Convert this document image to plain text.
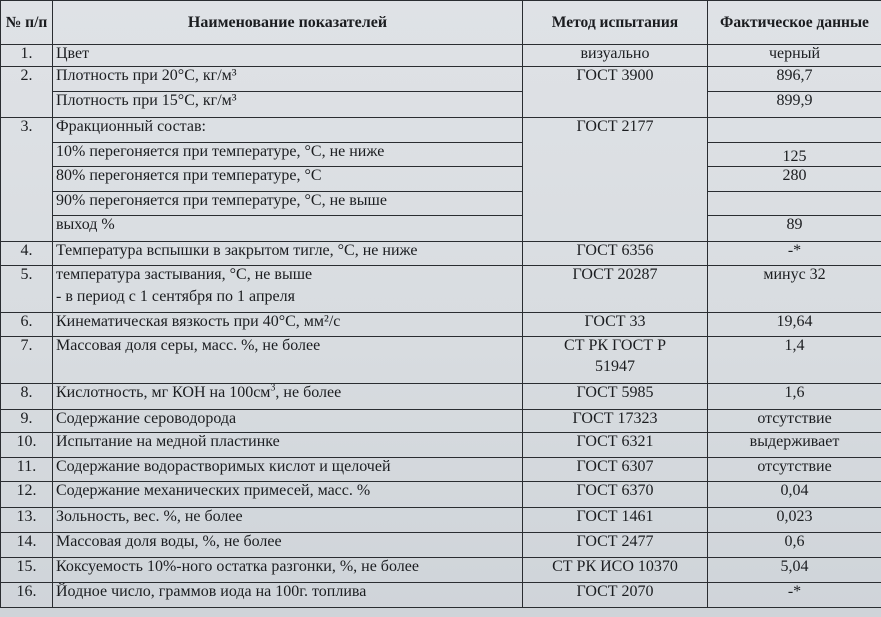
№ п/п	Наименование показателей	Метод испытания	Фактическое данные
1.	Цвет	визуально	черный
2.	Плотность при 20°С, кг/м³	ГОСТ 3900	896,7
	Плотность при 15°С, кг/м³		899,9
3.	Фракционный состав:	ГОСТ 2177	
	10% перегоняется при температуре, °С, не ниже		125
	80% перегоняется при температуре, °С		280
	90% перегоняется при температуре, °С, не выше		
	выход %		89
4.	Температура вспышки в закрытом тигле, °С, не ниже	ГОСТ 6356	-*
5.	температура застывания, °С, не выше
- в период с 1 сентября по 1 апреля	ГОСТ 20287	минус 32
6.	Кинематическая вязкость при 40°С, мм²/с	ГОСТ 33	19,64
7.	Массовая доля серы, масс. %, не более	СТ РК ГОСТ Р
51947	1,4
8.	Кислотность, мг КОН на $100см^3$, не более	ГОСТ 5985	1,6
9.	Содержание сероводорода	ГОСТ 17323	отсутствие
10.	Испытание на медной пластинке	ГОСТ 6321	выдерживает
11.	Содержание водорастворимых кислот и щелочей	ГОСТ 6307	отсутствие
12.	Содержание механических примесей, масс. %	ГОСТ 6370	0,04
13.	Зольность, вес. %, не более	ГОСТ 1461	0,023
14.	Массовая доля воды, %, не более	ГОСТ 2477	0,6
15.	Коксуемость 10%-ного остатка разгонки, %, не более	СТ РК ИСО 10370	5,04
16.	Йодное число, граммов иода на 100г. топлива	ГОСТ 2070	-*
